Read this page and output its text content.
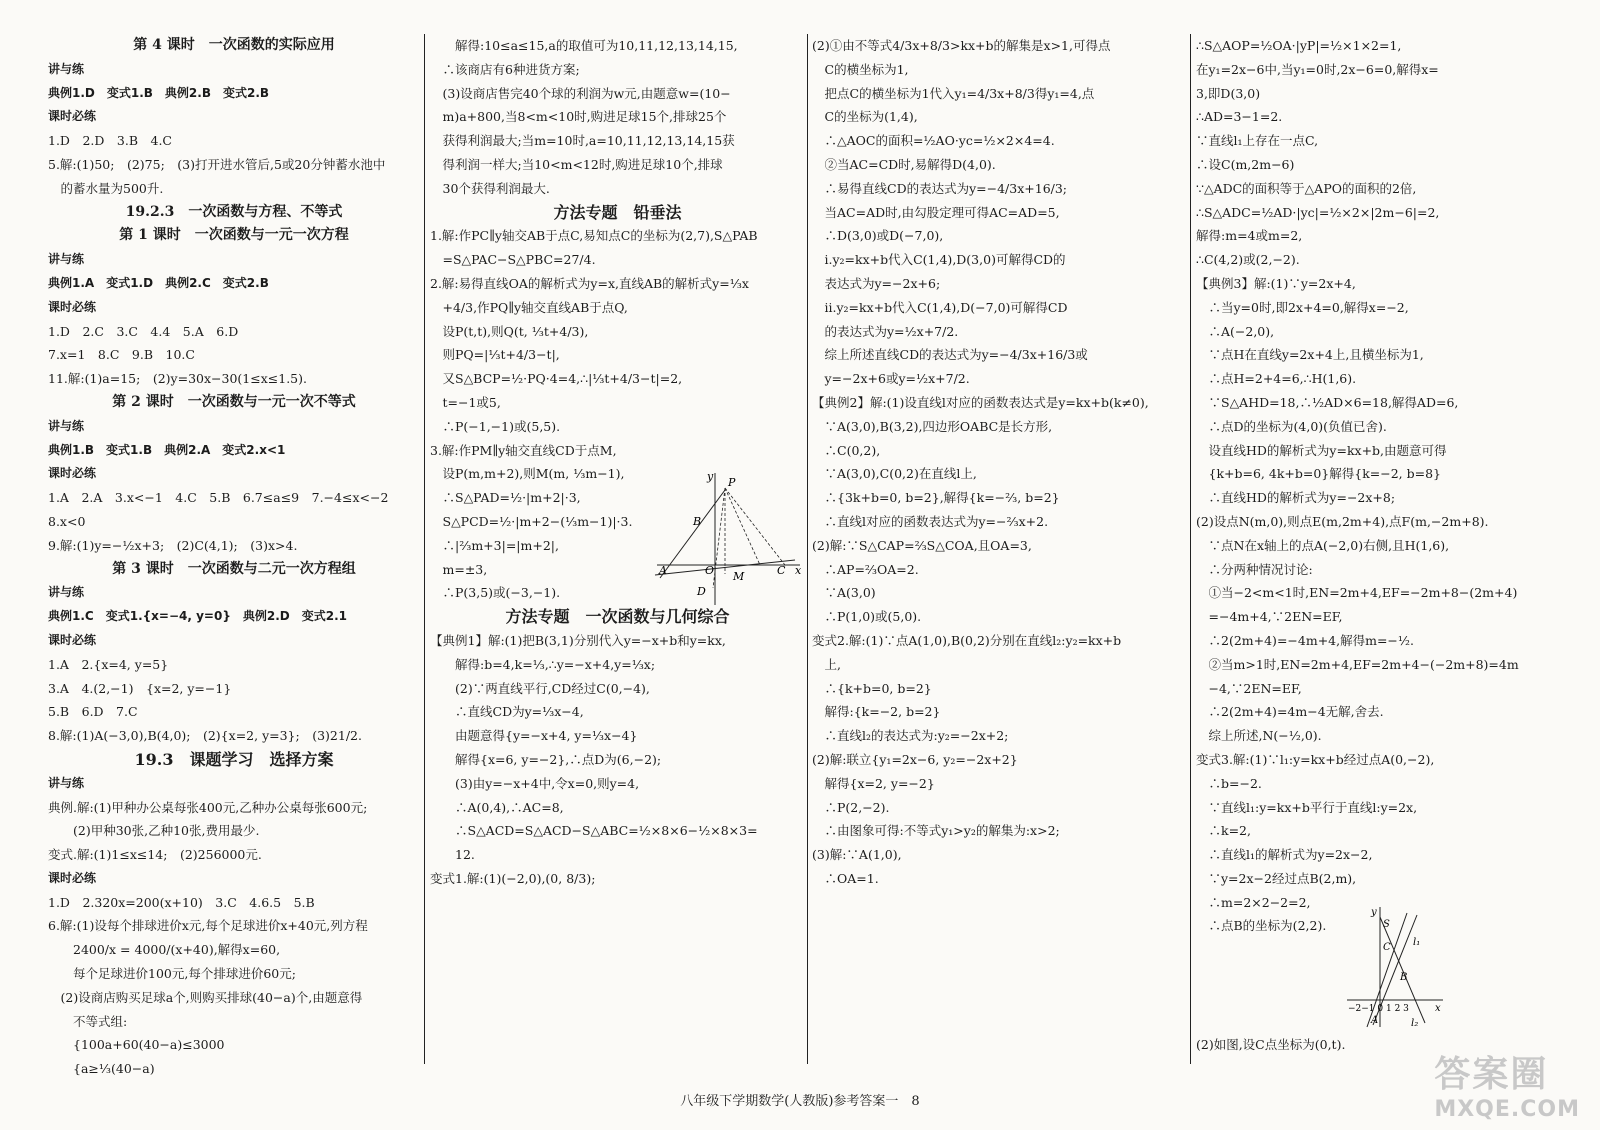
第 4 课时　一次函数的实际应用
讲与练
典例1.D　变式1.B　典例2.B　变式2.B
课时必练
1.D　2.D　3.B　4.C
5.解:(1)50;　(2)75;　(3)打开进水管后,5或20分钟蓄水池中
　的蓄水量为500升.
19.2.3　一次函数与方程、不等式
第 1 课时　一次函数与一元一次方程
讲与练
典例1.A　变式1.D　典例2.C　变式2.B
课时必练
1.D　2.C　3.C　4.4　5.A　6.D
7.x=1　8.C　9.B　10.C
11.解:(1)a=15;　(2)y=30x−30(1≤x≤1.5).
第 2 课时　一次函数与一元一次不等式
讲与练
典例1.B　变式1.B　典例2.A　变式2.x<1
课时必练
1.A　2.A　3.x<−1　4.C　5.B　6.7≤a≤9　7.−4≤x<−2
8.x<0
9.解:(1)y=−½x+3;　(2)C(4,1);　(3)x>4.
第 3 课时　一次函数与二元一次方程组
讲与练
典例1.C　变式1.{x=−4, y=0}　典例2.D　变式2.1
课时必练
1.A　2.{x=4, y=5}
3.A　4.(2,−1)　{x=2, y=−1}
5.B　6.D　7.C
8.解:(1)A(−3,0),B(4,0);　(2){x=2, y=3};　(3)21/2.
19.3　课题学习　选择方案
讲与练
典例.解:(1)甲种办公桌每张400元,乙种办公桌每张600元;
　　(2)甲种30张,乙种10张,费用最少.
变式.解:(1)1≤x≤14;　(2)256000元.
课时必练
1.D　2.320x=200(x+10)　3.C　4.6.5　5.B
6.解:(1)设每个排球进价x元,每个足球进价x+40元,列方程
　　2400/x = 4000/(x+40),解得x=60,
　　每个足球进价100元,每个排球进价60元;
　(2)设商店购买足球a个,则购买排球(40−a)个,由题意得
　　不等式组:
　　{100a+60(40−a)≤3000
　　{a≥⅓(40−a)
　　解得:10≤a≤15,a的取值可为10,11,12,13,14,15,
　∴该商店有6种进货方案;
　(3)设商店售完40个球的利润为w元,由题意w=(10−
　m)a+800,当8<m<10时,购进足球15个,排球25个
　获得利润最大;当m=10时,a=10,11,12,13,14,15获
　得利润一样大;当10<m<12时,购进足球10个,排球
　30个获得利润最大.
方法专题　铅垂法
1.解:作PC∥y轴交AB于点C,易知点C的坐标为(2,7),S△PAB
　=S△PAC−S△PBC=27/4.
2.解:易得直线OA的解析式为y=x,直线AB的解析式y=⅓x
　+4/3,作PQ∥y轴交直线AB于点Q,
　设P(t,t),则Q(t, ⅓t+4/3),
　则PQ=|⅓t+4/3−t|,
　又S△BCP=½·PQ·4=4,∴|⅓t+4/3−t|=2,
　t=−1或5,
　∴P(−1,−1)或(5,5).
3.解:作PM∥y轴交直线CD于点M,
　设P(m,m+2),则M(m, ⅓m−1),
　∴S△PAD=½·|m+2|·3,
　S△PCD=½·|m+2−(⅓m−1)|·3.
　∴|⅔m+3|=|m+2|,
　m=±3,
　∴P(3,5)或(−3,−1).
方法专题　一次函数与几何综合
【典例1】解:(1)把B(3,1)分别代入y=−x+b和y=kx,
　　解得:b=4,k=⅓,∴y=−x+4,y=⅓x;
　　(2)∵两直线平行,CD经过C(0,−4),
　　∴直线CD为y=⅓x−4,
　　由题意得{y=−x+4, y=⅓x−4}
　　解得{x=6, y=−2},∴点D为(6,−2);
　　(3)由y=−x+4中,令x=0,则y=4,
　　∴A(0,4),∴AC=8,
　　∴S△ACD=S△ACD−S△ABC=½×8×6−½×8×3=
　　12.
变式1.解:(1)(−2,0),(0, 8/3);
(2)①由不等式4/3x+8/3>kx+b的解集是x>1,可得点
　C的横坐标为1,
　把点C的横坐标为1代入y₁=4/3x+8/3得y₁=4,点
　C的坐标为(1,4),
　∴△AOC的面积=½AO·yc=½×2×4=4.
　②当AC=CD时,易解得D(4,0).
　∴易得直线CD的表达式为y=−4/3x+16/3;
　当AC=AD时,由勾股定理可得AC=AD=5,
　∴D(3,0)或D(−7,0),
　ⅰ.y₂=kx+b代入C(1,4),D(3,0)可解得CD的
　表达式为y=−2x+6;
　ⅱ.y₂=kx+b代入C(1,4),D(−7,0)可解得CD
　的表达式为y=½x+7/2.
　综上所述直线CD的表达式为y=−4/3x+16/3或
　y=−2x+6或y=½x+7/2.
【典例2】解:(1)设直线l对应的函数表达式是y=kx+b(k≠0),
　∵A(3,0),B(3,2),四边形OABC是长方形,
　∴C(0,2),
　∵A(3,0),C(0,2)在直线l上,
　∴{3k+b=0, b=2},解得{k=−⅔, b=2}
　∴直线l对应的函数表达式为y=−⅔x+2.
(2)解:∵S△CAP=⅔S△COA,且OA=3,
　∴AP=⅔OA=2.
　∵A(3,0)
　∴P(1,0)或(5,0).
变式2.解:(1)∵点A(1,0),B(0,2)分别在直线l₂:y₂=kx+b
　上,
　∴{k+b=0, b=2}
　解得:{k=−2, b=2}
　∴直线l₂的表达式为:y₂=−2x+2;
(2)解:联立{y₁=2x−6, y₂=−2x+2}
　解得{x=2, y=−2}
　∴P(2,−2).
　∴由图象可得:不等式y₁>y₂的解集为:x>2;
(3)解:∵A(1,0),
　∴OA=1.
∴S△AOP=½OA·|yP|=½×1×2=1,
在y₁=2x−6中,当y₁=0时,2x−6=0,解得x=
3,即D(3,0)
∴AD=3−1=2.
∵直线l₁上存在一点C,
∴设C(m,2m−6)
∵△ADC的面积等于△APO的面积的2倍,
∴S△ADC=½AD·|yc|=½×2×|2m−6|=2,
解得:m=4或m=2,
∴C(4,2)或(2,−2).
【典例3】解:(1)∵y=2x+4,
　∴当y=0时,即2x+4=0,解得x=−2,
　∴A(−2,0),
　∵点H在直线y=2x+4上,且横坐标为1,
　∴点H=2+4=6,∴H(1,6).
　∵S△AHD=18,∴½AD×6=18,解得AD=6,
　∴点D的坐标为(4,0)(负值已舍).
　设直线HD的解析式为y=kx+b,由题意可得
　{k+b=6, 4k+b=0}解得{k=−2, b=8}
　∴直线HD的解析式为y=−2x+8;
(2)设点N(m,0),则点E(m,2m+4),点F(m,−2m+8).
　∵点N在x轴上的点A(−2,0)右侧,且H(1,6),
　∴分两种情况讨论:
　①当−2<m<1时,EN=2m+4,EF=−2m+8−(2m+4)
　=−4m+4,∵2EN=EF,
　∴2(2m+4)=−4m+4,解得m=−½.
　②当m>1时,EN=2m+4,EF=2m+4−(−2m+8)=4m
　−4,∵2EN=EF,
　∴2(2m+4)=4m−4无解,舍去.
　综上所述,N(−½,0).
变式3.解:(1)∵l₁:y=kx+b经过点A(0,−2),
　∴b=−2.
　∵直线l₁:y=kx+b平行于直线l:y=2x,
　∴k=2,
　∴直线l₁的解析式为y=2x−2,
　∵y=2x−2经过点B(2,m),
　∴m=2×2−2=2,
　∴点B的坐标为(2,2).

(2)如图,设C点坐标为(0,t).
y P
B
A	O M	C
D
x
y
S
C l₁
B
−2−1 0 1 2 3	x
A	l₂
八年级下学期数学(人教版)参考答案一　8
答案圈
MXQE.COM
